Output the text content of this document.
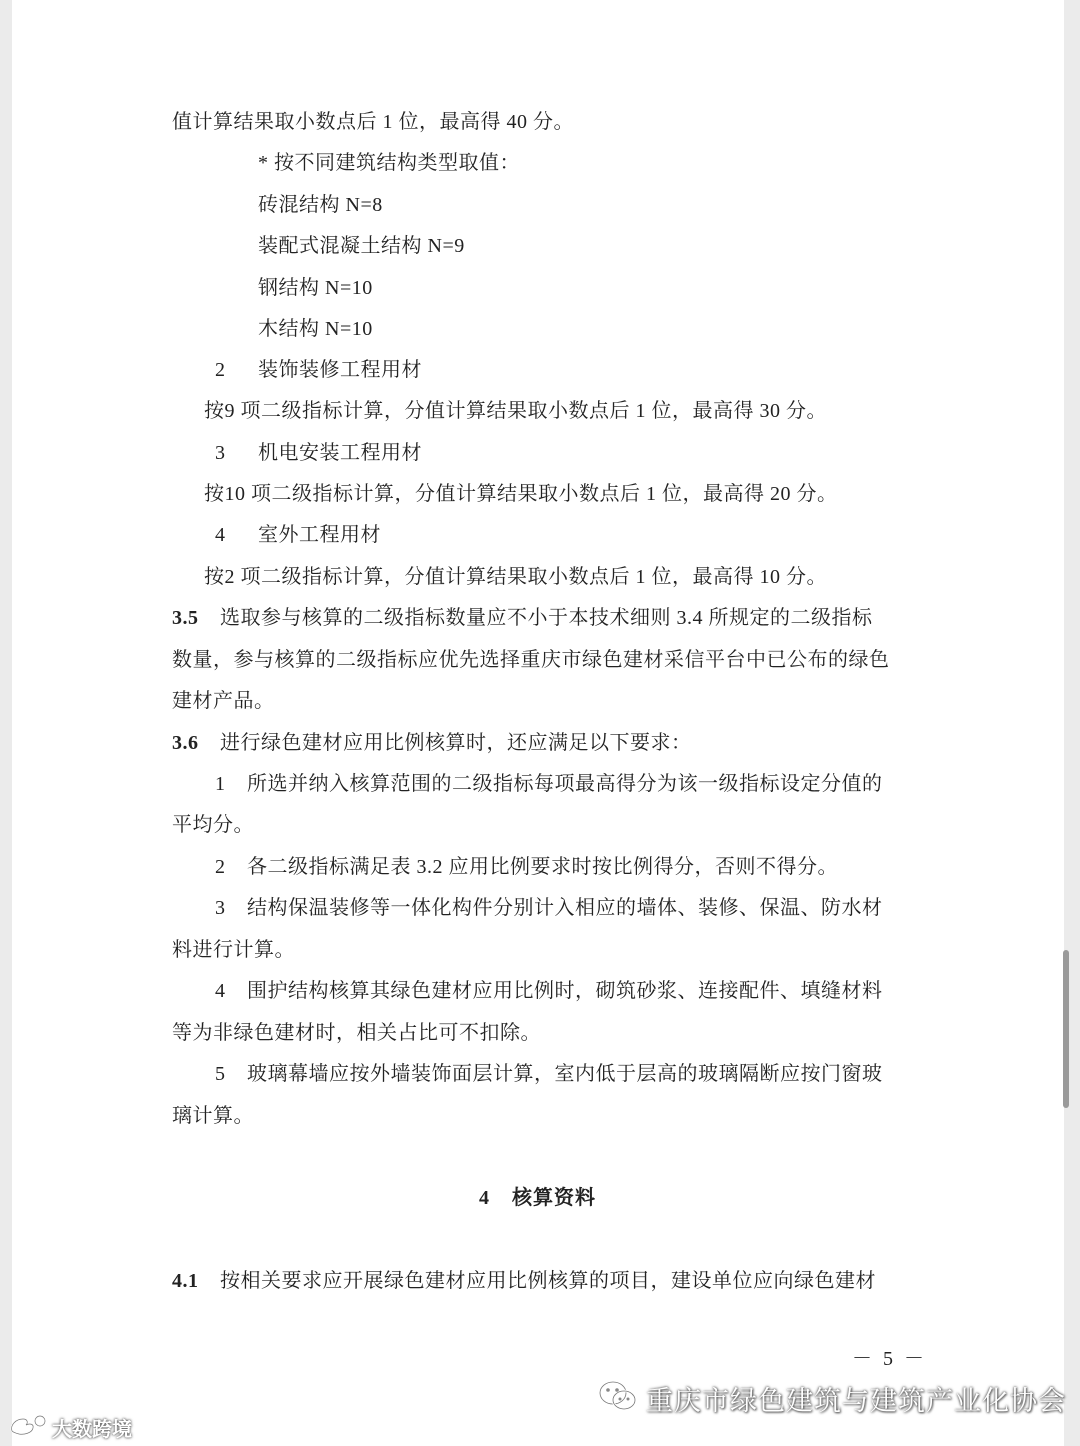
值计算结果取小数点后 1 位，最高得 40 分。
* 按不同建筑结构类型取值：
砖混结构 N=8
装配式混凝土结构 N=9
钢结构 N=10
木结构 N=10
2 装饰装修工程用材
按9 项二级指标计算，分值计算结果取小数点后 1 位，最高得 30 分。
3 机电安装工程用材
按10 项二级指标计算，分值计算结果取小数点后 1 位，最高得 20 分。
4 室外工程用材
按2 项二级指标计算，分值计算结果取小数点后 1 位，最高得 10 分。
3.5 选取参与核算的二级指标数量应不小于本技术细则 3.4 所规定的二级指标
数量，参与核算的二级指标应优先选择重庆市绿色建材采信平台中已公布的绿色
建材产品。
3.6 进行绿色建材应用比例核算时，还应满足以下要求：
1 所选并纳入核算范围的二级指标每项最高得分为该一级指标设定分值的
平均分。
2 各二级指标满足表 3.2 应用比例要求时按比例得分，否则不得分。
3 结构保温装修等一体化构件分别计入相应的墙体、装修、保温、防水材
料进行计算。
4 围护结构核算其绿色建材应用比例时，砌筑砂浆、连接配件、填缝材料
等为非绿色建材时，相关占比可不扣除。
5 玻璃幕墙应按外墙装饰面层计算，室内低于层高的玻璃隔断应按门窗玻
璃计算。
4 核算资料
4.1 按相关要求应开展绿色建材应用比例核算的项目，建设单位应向绿色建材
－ 5 －
重庆市绿色建筑与建筑产业化协会
大数跨境
